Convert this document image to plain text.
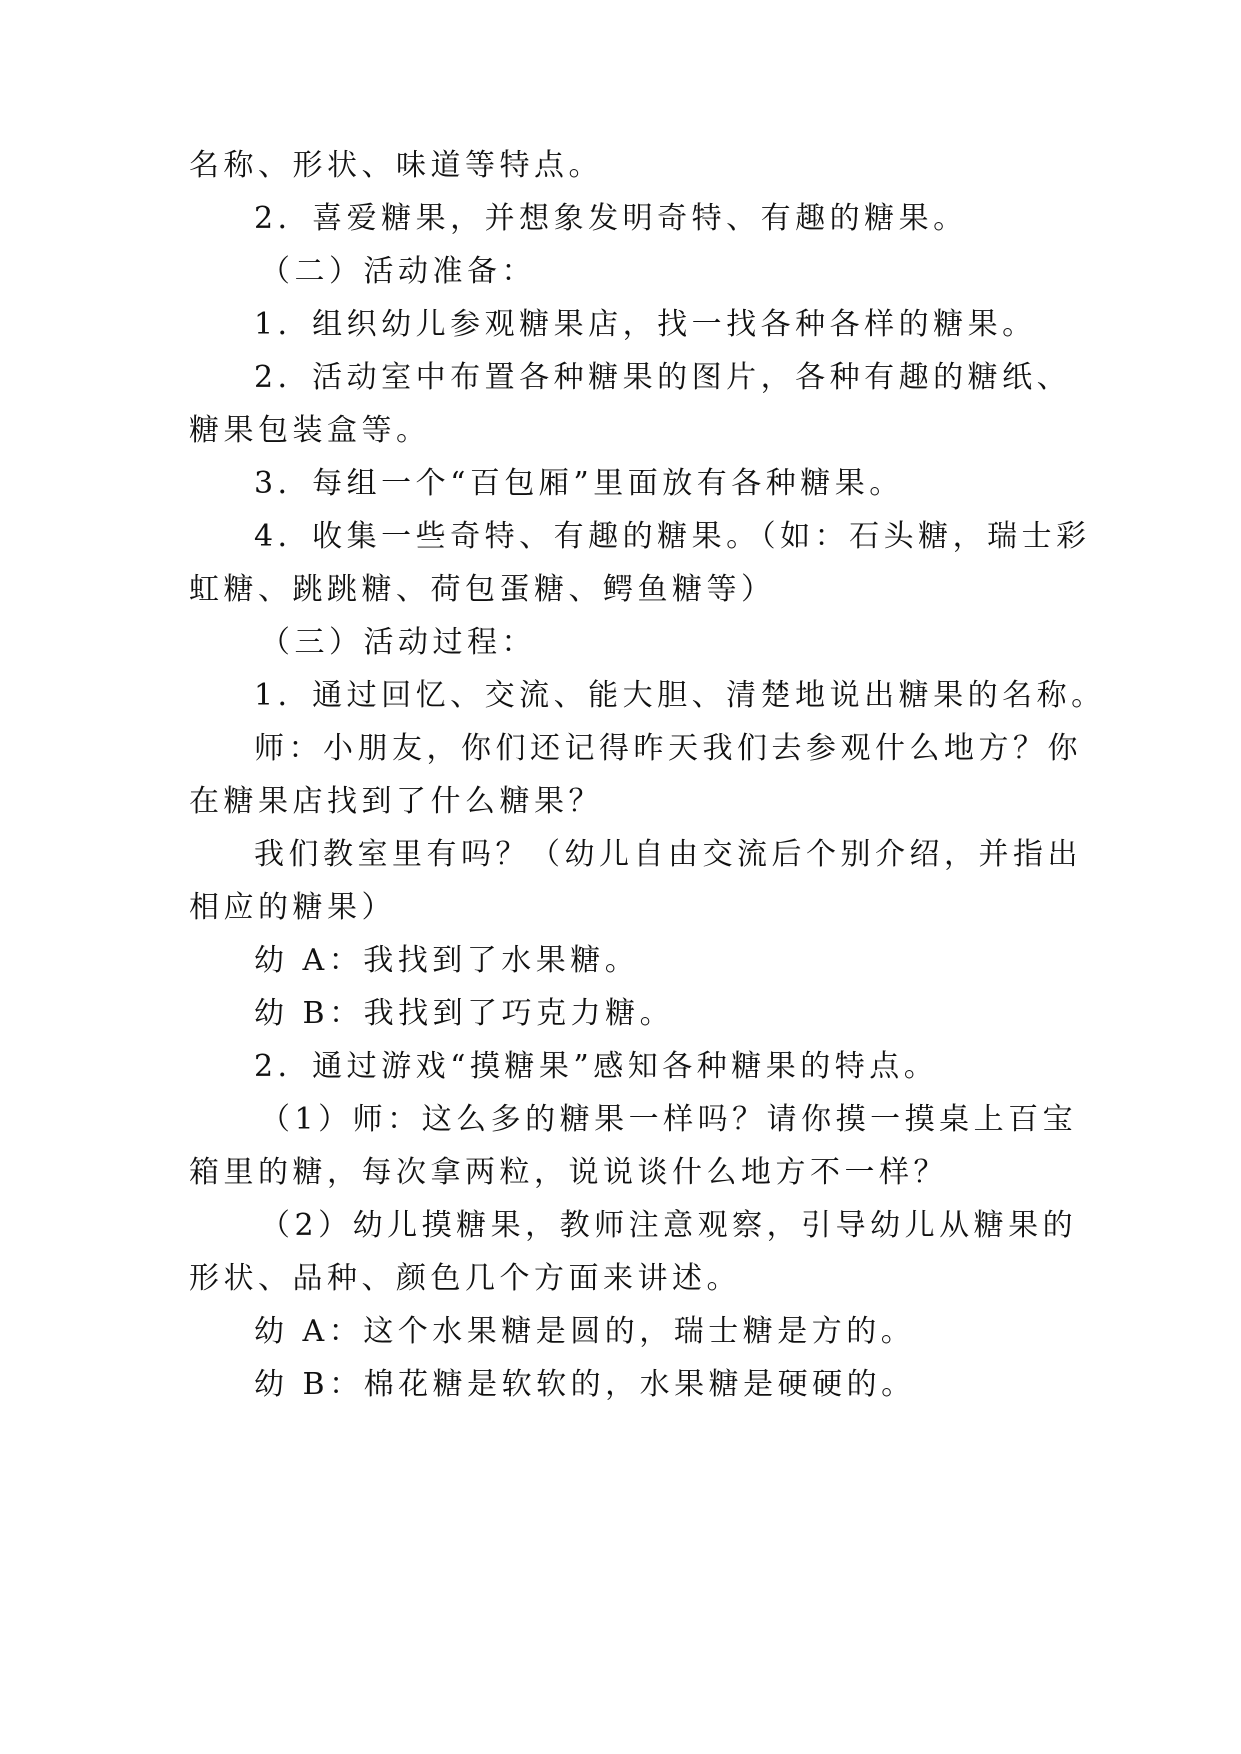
名称、形状、味道等特点。
2．喜爱糖果，并想象发明奇特、有趣的糖果。
（二）活动准备：
1．组织幼儿参观糖果店，找一找各种各样的糖果。
2．活动室中布置各种糖果的图片，各种有趣的糖纸、
糖果包装盒等。
3．每组一个“百包厢”里面放有各种糖果。
4．收集一些奇特、有趣的糖果。（如：石头糖，瑞士彩
虹糖、跳跳糖、荷包蛋糖、鳄鱼糖等）
（三）活动过程：
1．通过回忆、交流、能大胆、清楚地说出糖果的名称。
师：小朋友，你们还记得昨天我们去参观什么地方？你
在糖果店找到了什么糖果？
我们教室里有吗？（幼儿自由交流后个别介绍，并指出
相应的糖果）
幼 A：我找到了水果糖。
幼 B：我找到了巧克力糖。
2．通过游戏“摸糖果”感知各种糖果的特点。
（1）师：这么多的糖果一样吗？请你摸一摸桌上百宝
箱里的糖，每次拿两粒，说说谈什么地方不一样？
（2）幼儿摸糖果，教师注意观察，引导幼儿从糖果的
形状、品种、颜色几个方面来讲述。
幼 A：这个水果糖是圆的，瑞士糖是方的。
幼 B：棉花糖是软软的，水果糖是硬硬的。
